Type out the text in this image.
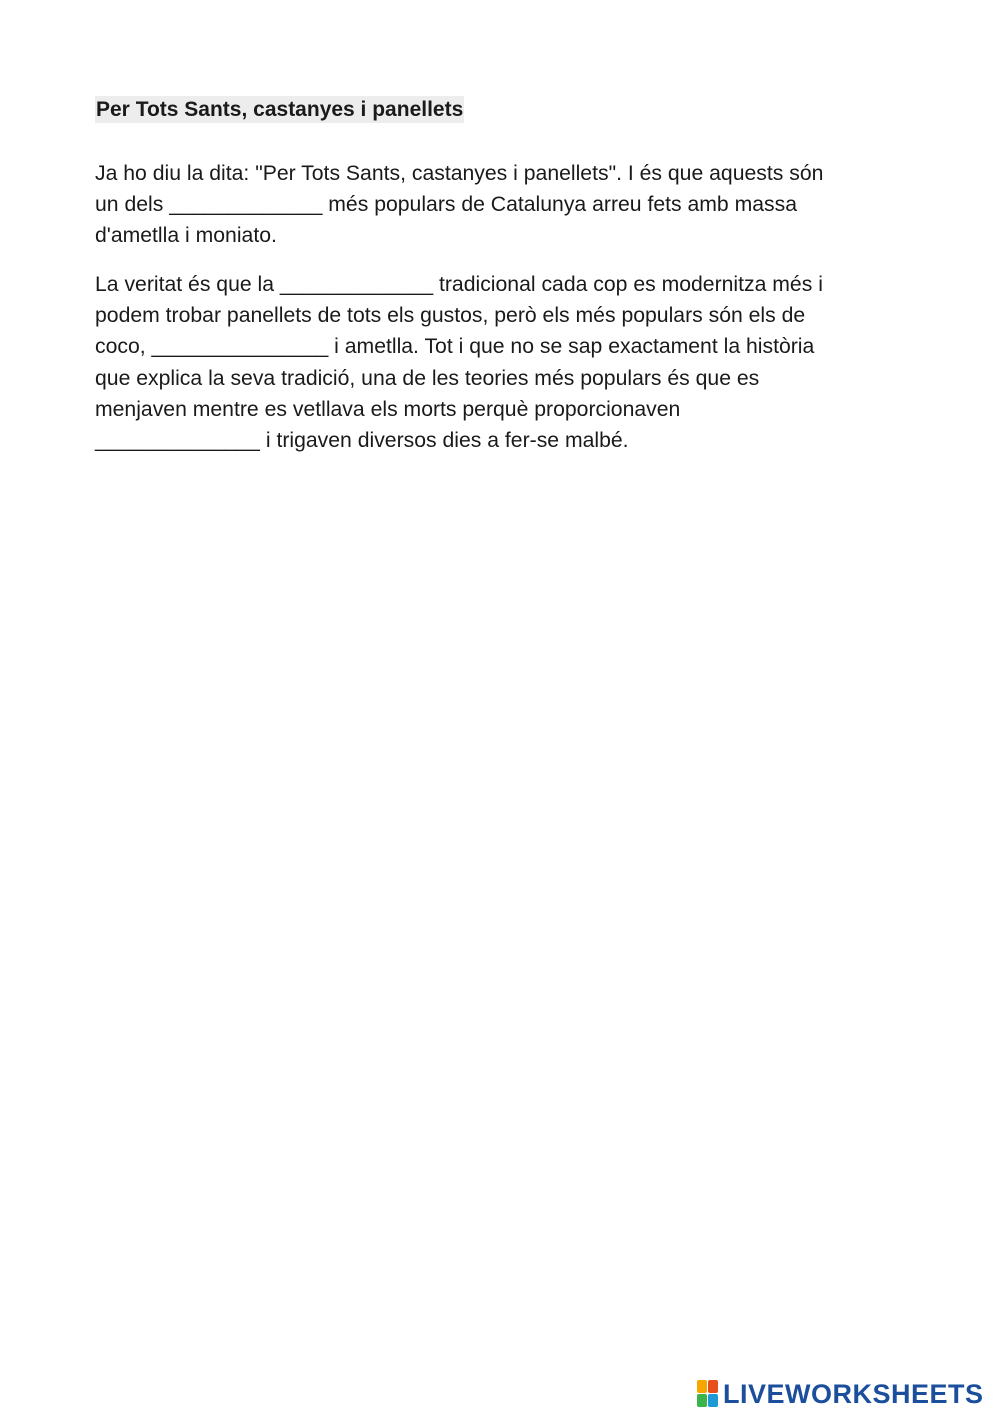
Per Tots Sants, castanyes i panellets

Ja ho diu la dita: "Per Tots Sants, castanyes i panellets". I és que aquests són
un dels _____________ més populars de Catalunya arreu fets amb massa
d'ametlla i moniato.

La veritat és que la _____________ tradicional cada cop es modernitza més i
podem trobar panellets de tots els gustos, però els més populars són els de
coco, _______________ i ametlla. Tot i que no se sap exactament la història
que explica la seva tradició, una de les teories més populars és que es
menjaven mentre es vetllava els morts perquè proporcionaven
______________ i trigaven diversos dies a fer-se malbé.

LIVEWORKSHEETS
